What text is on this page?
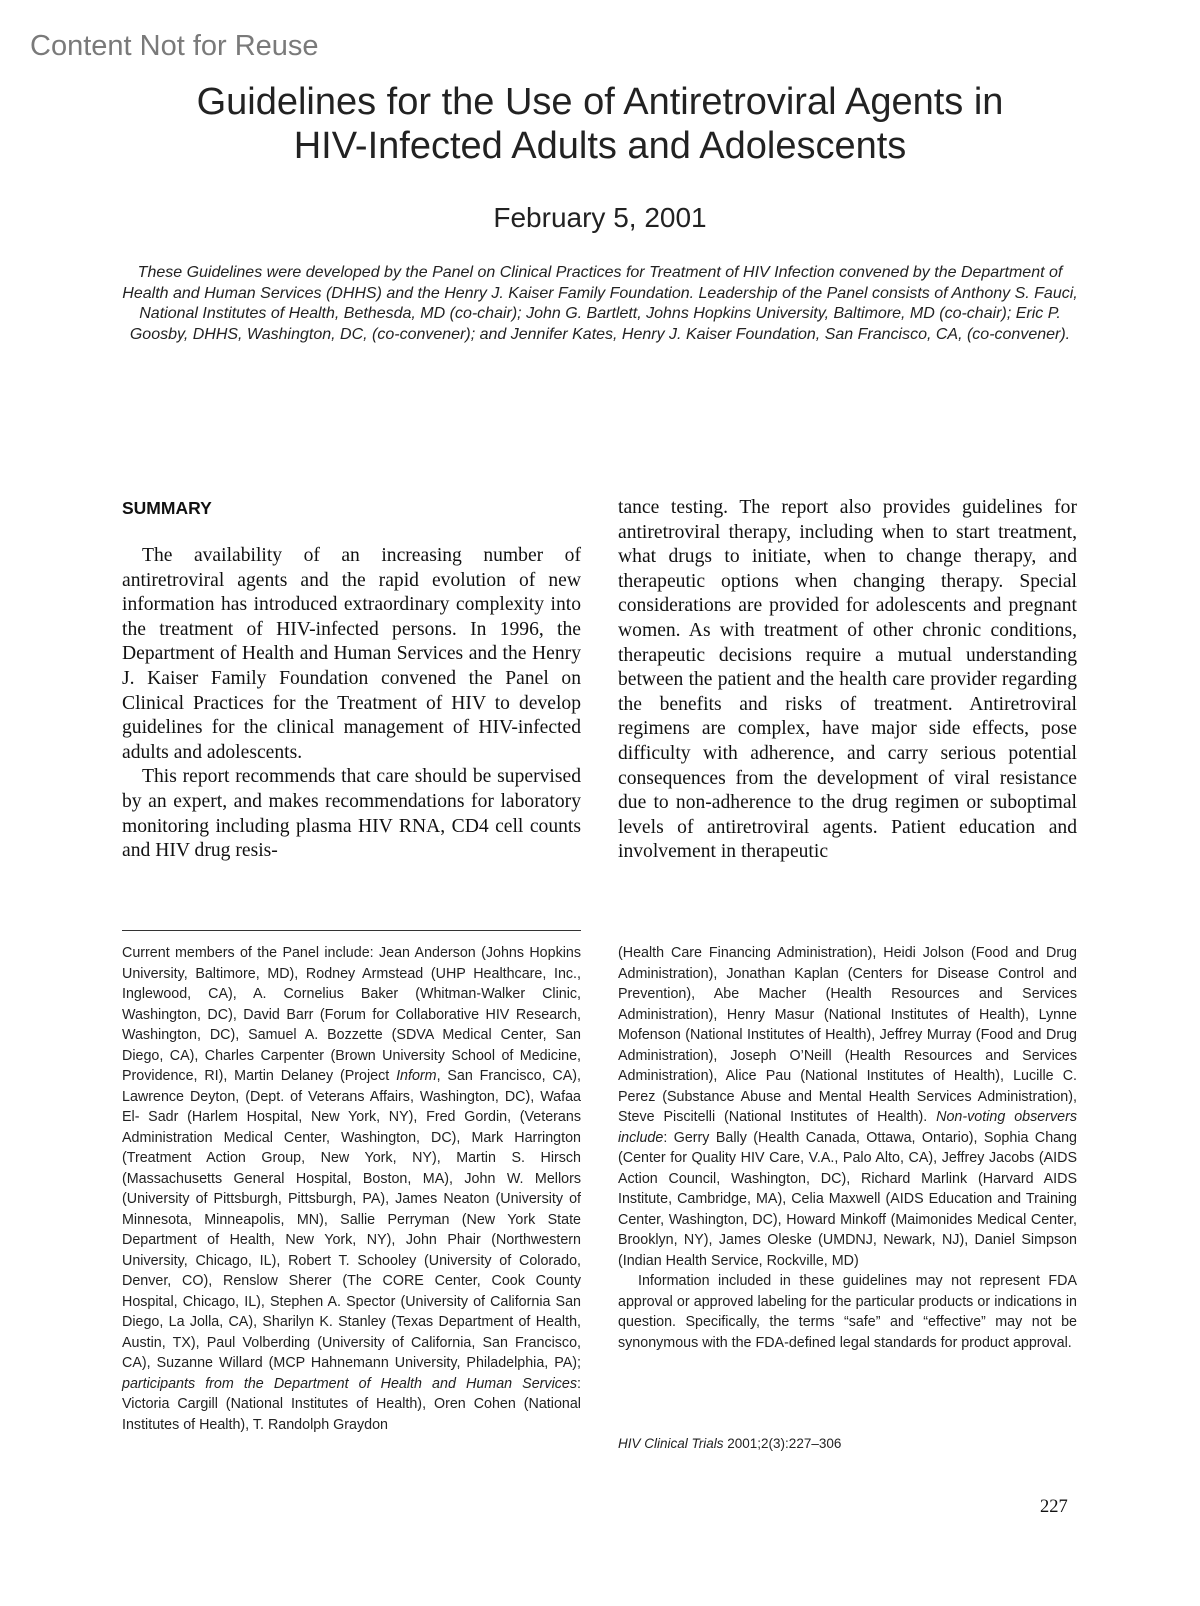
Content Not for Reuse
Guidelines for the Use of Antiretroviral Agents in
HIV-Infected Adults and Adolescents
February 5, 2001

These Guidelines were developed by the Panel on Clinical Practices for Treatment of HIV Infection convened by the Department of Health and Human Services (DHHS) and the Henry J. Kaiser Family Foundation. Leadership of the Panel consists of Anthony S. Fauci, National Institutes of Health, Bethesda, MD (co-chair); John G. Bartlett, Johns Hopkins University, Baltimore, MD (co-chair); Eric P. Goosby, DHHS, Washington, DC, (co-convener); and Jennifer Kates, Henry J. Kaiser Foundation, San Francisco, CA, (co-convener).

SUMMARY

The availability of an increasing number of antiretroviral agents and the rapid evolution of new information has introduced extraordinary complexity into the treatment of HIV-infected persons. In 1996, the Department of Health and Human Services and the Henry J. Kaiser Family Foundation convened the Panel on Clinical Practices for the Treatment of HIV to develop guidelines for the clinical management of HIV-infected adults and adolescents.

This report recommends that care should be supervised by an expert, and makes recommendations for laboratory monitoring including plasma HIV RNA, CD4 cell counts and HIV drug resis-

tance testing. The report also provides guidelines for antiretroviral therapy, including when to start treatment, what drugs to initiate, when to change therapy, and therapeutic options when changing therapy. Special considerations are provided for adolescents and pregnant women. As with treatment of other chronic conditions, therapeutic decisions require a mutual understanding between the patient and the health care provider regarding the benefits and risks of treatment. Antiretroviral regimens are complex, have major side effects, pose difficulty with adherence, and carry serious potential consequences from the development of viral resistance due to non-adherence to the drug regimen or suboptimal levels of antiretroviral agents. Patient education and involvement in therapeutic

Current members of the Panel include: Jean Anderson (Johns Hopkins University, Baltimore, MD), Rodney Armstead (UHP Healthcare, Inc., Inglewood, CA), A. Cornelius Baker (Whitman-Walker Clinic, Washington, DC), David Barr (Forum for Collaborative HIV Research, Washington, DC), Samuel A. Bozzette (SDVA Medical Center, San Diego, CA), Charles Carpenter (Brown University School of Medicine, Providence, RI), Martin Delaney (Project Inform, San Francisco, CA), Lawrence Deyton, (Dept. of Veterans Affairs, Washington, DC), Wafaa El- Sadr (Harlem Hospital, New York, NY), Fred Gordin, (Veterans Administration Medical Center, Washington, DC), Mark Harrington (Treatment Action Group, New York, NY), Martin S. Hirsch (Massachusetts General Hospital, Boston, MA), John W. Mellors (University of Pittsburgh, Pittsburgh, PA), James Neaton (University of Minnesota, Minneapolis, MN), Sallie Perryman (New York State Department of Health, New York, NY), John Phair (Northwestern University, Chicago, IL), Robert T. Schooley (University of Colorado, Denver, CO), Renslow Sherer (The CORE Center, Cook County Hospital, Chicago, IL), Stephen A. Spector (University of California San Diego, La Jolla, CA), Sharilyn K. Stanley (Texas Department of Health, Austin, TX), Paul Volberding (University of California, San Francisco, CA), Suzanne Willard (MCP Hahnemann University, Philadelphia, PA); participants from the Department of Health and Human Services: Victoria Cargill (National Institutes of Health), Oren Cohen (National Institutes of Health), T. Randolph Graydon

(Health Care Financing Administration), Heidi Jolson (Food and Drug Administration), Jonathan Kaplan (Centers for Disease Control and Prevention), Abe Macher (Health Resources and Services Administration), Henry Masur (National Institutes of Health), Lynne Mofenson (National Institutes of Health), Jeffrey Murray (Food and Drug Administration), Joseph O’Neill (Health Resources and Services Administration), Alice Pau (National Institutes of Health), Lucille C. Perez (Substance Abuse and Mental Health Services Administration), Steve Piscitelli (National Institutes of Health). Non-voting observers include: Gerry Bally (Health Canada, Ottawa, Ontario), Sophia Chang (Center for Quality HIV Care, V.A., Palo Alto, CA), Jeffrey Jacobs (AIDS Action Council, Washington, DC), Richard Marlink (Harvard AIDS Institute, Cambridge, MA), Celia Maxwell (AIDS Education and Training Center, Washington, DC), Howard Minkoff (Maimonides Medical Center, Brooklyn, NY), James Oleske (UMDNJ, Newark, NJ), Daniel Simpson (Indian Health Service, Rockville, MD)

Information included in these guidelines may not represent FDA approval or approved labeling for the particular products or indications in question. Specifically, the terms “safe” and “effective” may not be synonymous with the FDA-defined legal standards for product approval.

HIV Clinical Trials 2001;2(3):227–306
227
